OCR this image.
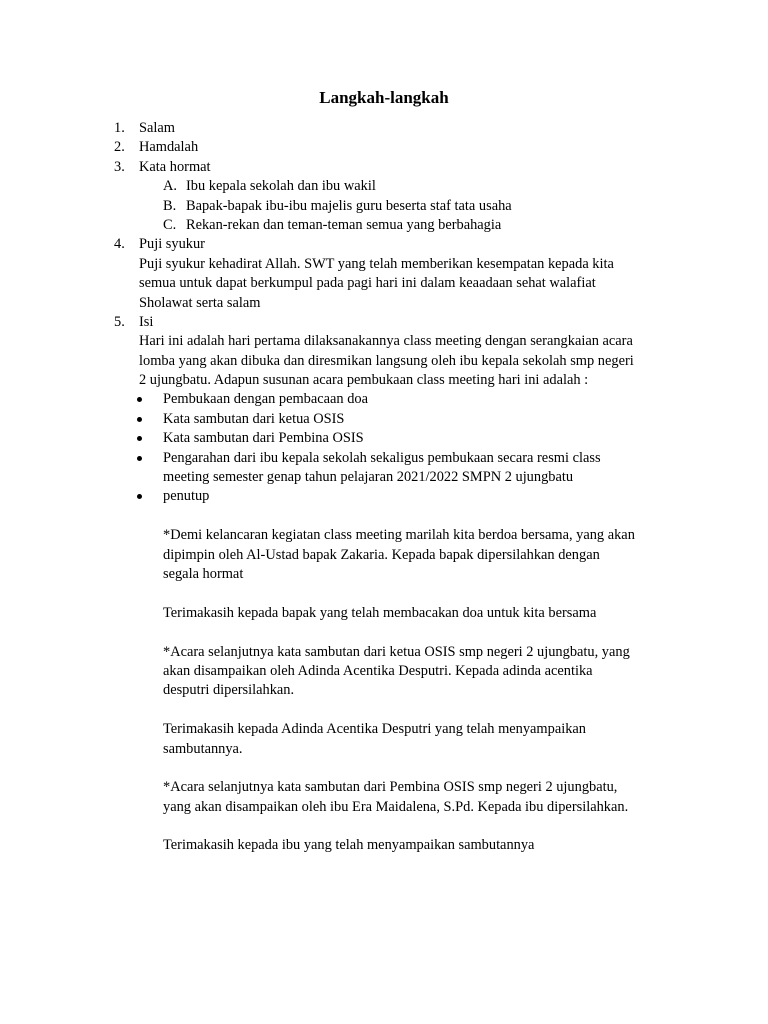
Langkah-langkah
1. Salam
2. Hamdalah
3. Kata hormat
A. Ibu kepala sekolah dan ibu wakil
B. Bapak-bapak ibu-ibu majelis guru beserta staf tata usaha
C. Rekan-rekan dan teman-teman semua yang berbahagia
4. Puji syukur
Puji syukur kehadirat Allah. SWT yang telah memberikan kesempatan kepada kita
semua untuk dapat berkumpul pada pagi hari ini dalam keaadaan sehat walafiat
Sholawat serta salam
5. Isi
Hari ini adalah hari pertama dilaksanakannya class meeting dengan serangkaian acara
lomba yang akan dibuka dan diresmikan langsung oleh ibu kepala sekolah smp negeri
2 ujungbatu. Adapun susunan acara pembukaan class meeting hari ini adalah :
Pembukaan dengan pembacaan doa
Kata sambutan dari ketua OSIS
Kata sambutan dari Pembina OSIS
Pengarahan dari ibu kepala sekolah sekaligus pembukaan secara resmi class
meeting semester genap tahun pelajaran 2021/2022 SMPN 2 ujungbatu
penutup
*Demi kelancaran kegiatan class meeting marilah kita berdoa bersama, yang akan
dipimpin oleh Al-Ustad bapak Zakaria. Kepada bapak dipersilahkan dengan
segala hormat
Terimakasih kepada bapak yang telah membacakan doa untuk kita bersama
*Acara selanjutnya kata sambutan dari ketua OSIS smp negeri 2 ujungbatu, yang
akan disampaikan oleh Adinda Acentika Desputri. Kepada adinda acentika
desputri dipersilahkan.
Terimakasih kepada Adinda Acentika Desputri yang telah menyampaikan
sambutannya.
*Acara selanjutnya kata sambutan dari Pembina OSIS smp negeri 2 ujungbatu,
yang akan disampaikan oleh ibu Era Maidalena, S.Pd. Kepada ibu dipersilahkan.
Terimakasih kepada ibu yang telah menyampaikan sambutannya
